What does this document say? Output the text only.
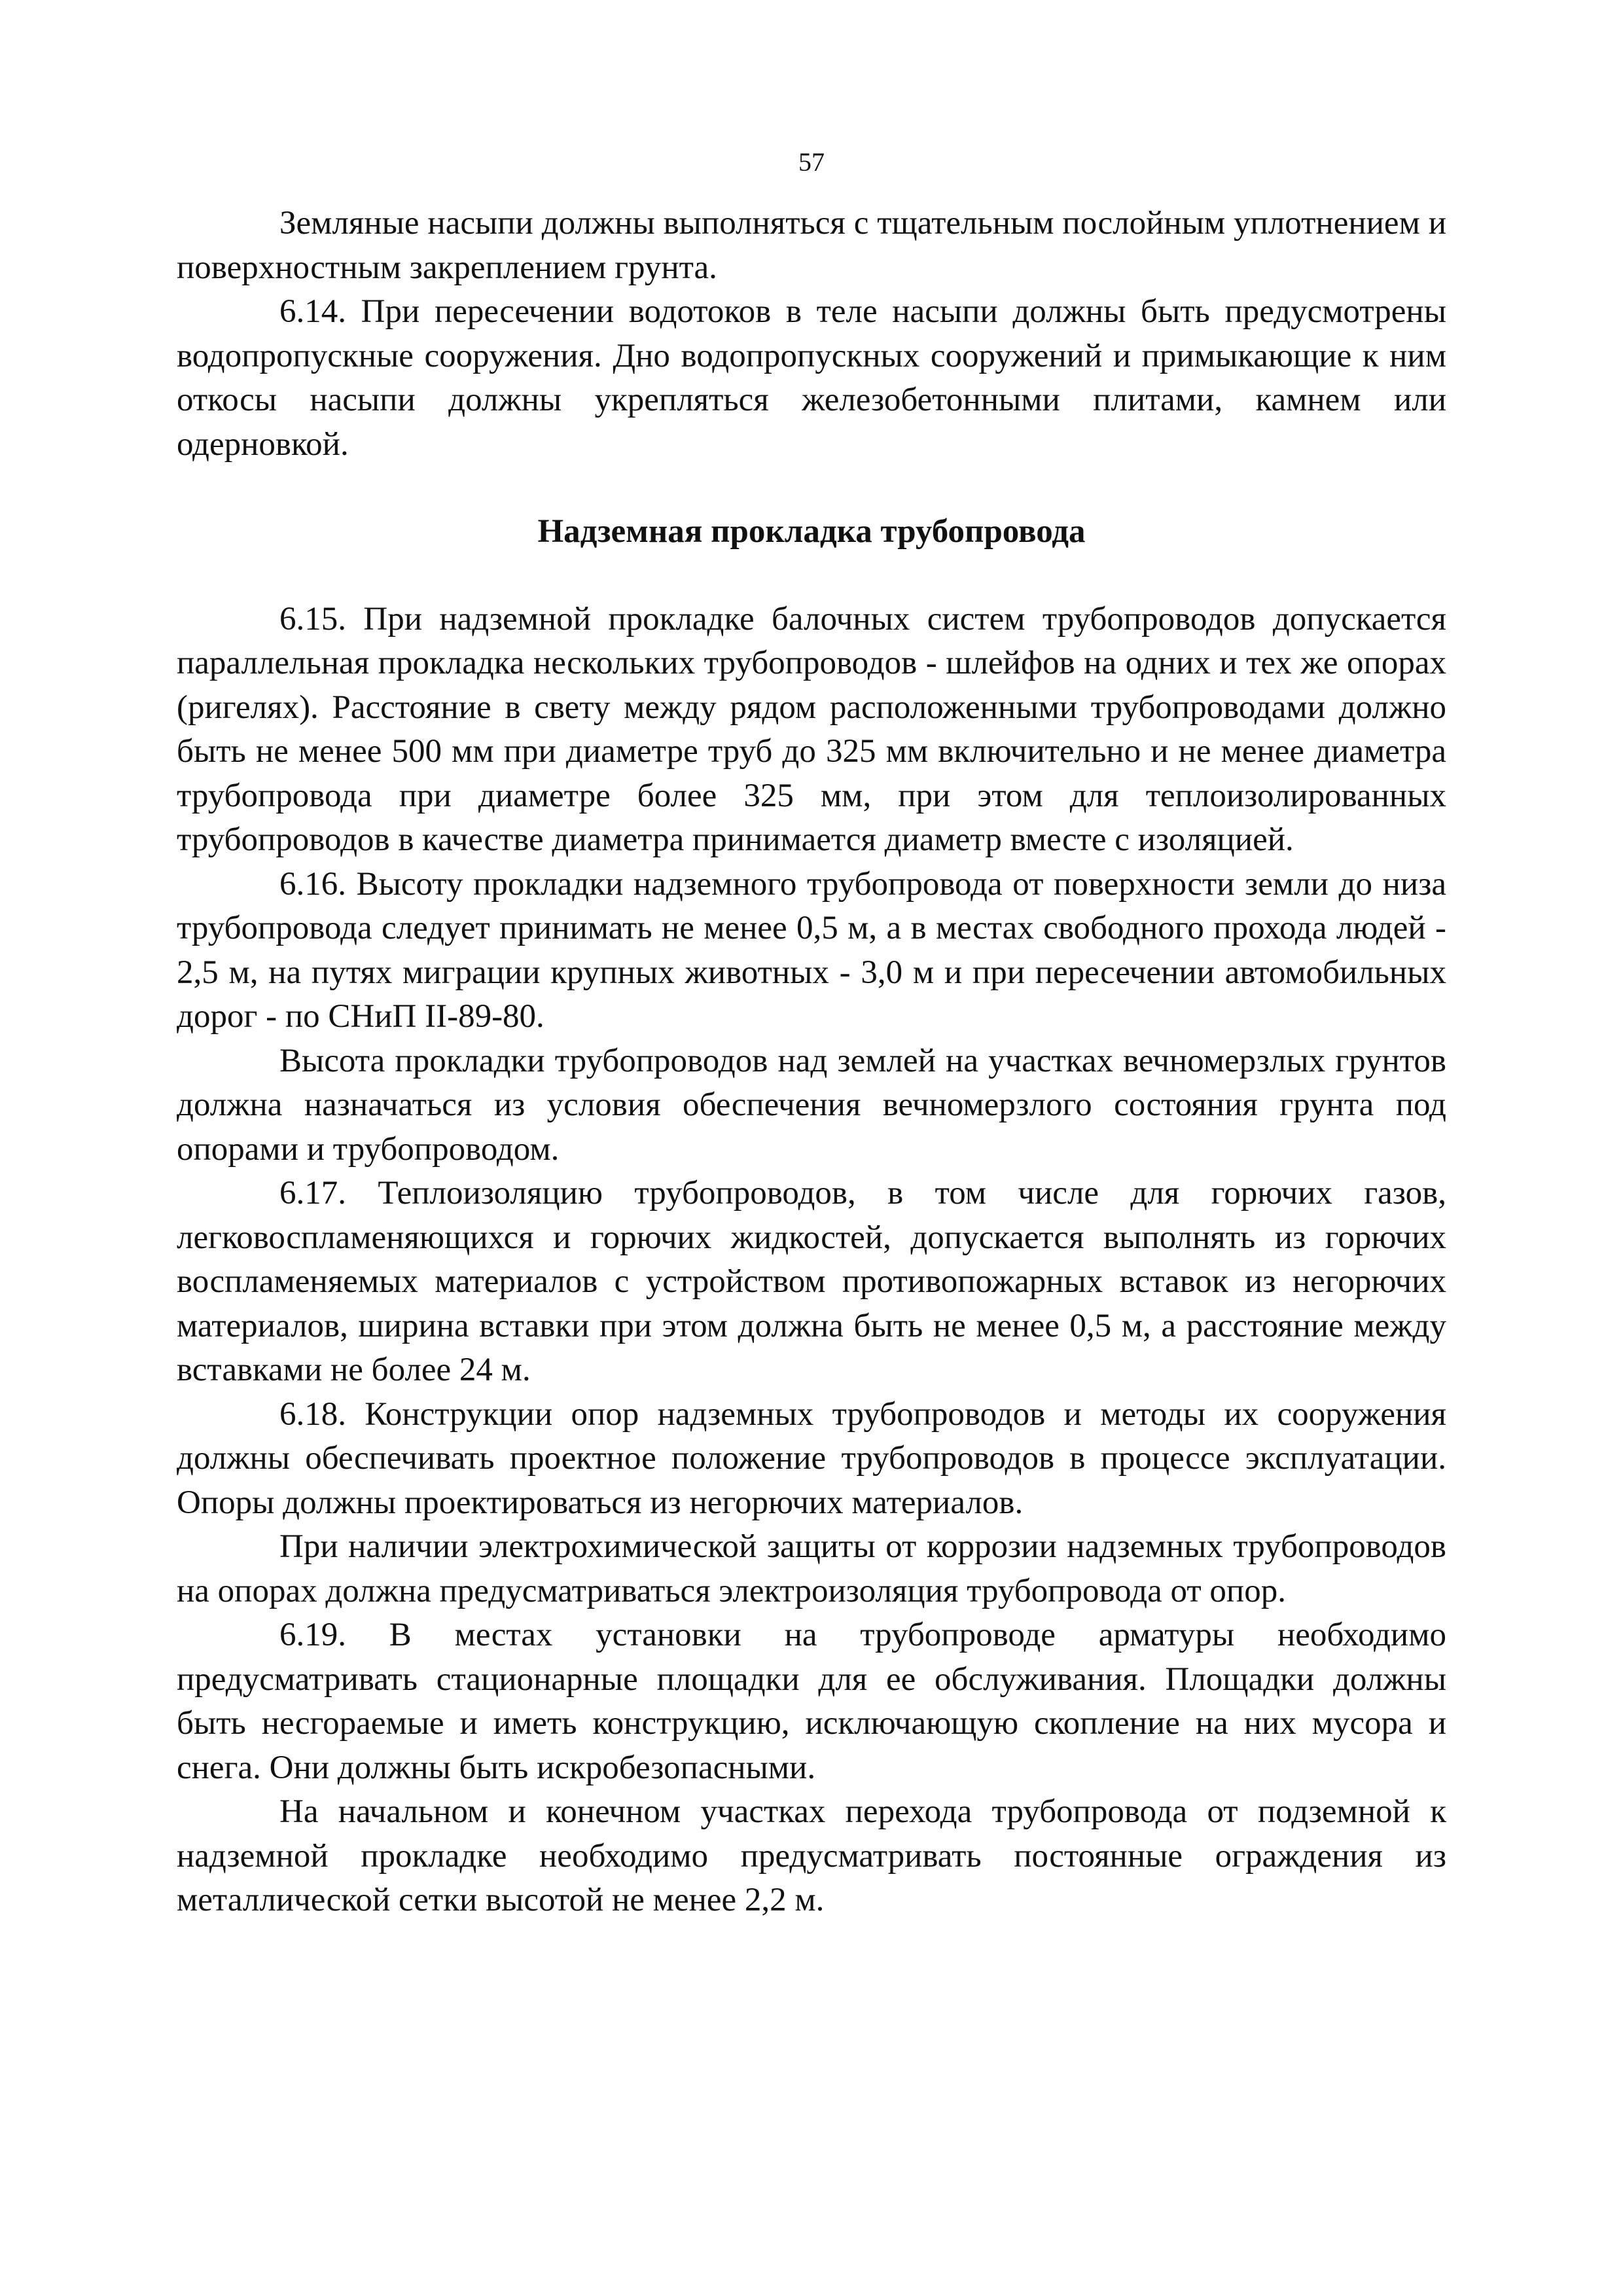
57

Земляные насыпи должны выполняться с тщательным послойным уплотнением и поверхностным закреплением грунта.

6.14. При пересечении водотоков в теле насыпи должны быть предусмотрены водопропускные сооружения. Дно водопропускных сооружений и примыкающие к ним откосы насыпи должны укрепляться железобетонными плитами, камнем или одерновкой.

Надземная прокладка трубопровода

6.15. При надземной прокладке балочных систем трубопроводов допускается параллельная прокладка нескольких трубопроводов - шлейфов на одних и тех же опорах (ригелях). Расстояние в свету между рядом расположенными трубопроводами должно быть не менее 500 мм при диаметре труб до 325 мм включительно и не менее диаметра трубопровода при диаметре более 325 мм, при этом для теплоизолированных трубопроводов в качестве диаметра принимается диаметр вместе с изоляцией.

6.16. Высоту прокладки надземного трубопровода от поверхности земли до низа трубопровода следует принимать не менее 0,5 м, а в местах свободного прохода людей - 2,5 м, на путях миграции крупных животных - 3,0 м и при пересечении автомобильных дорог - по СНиП II-89-80.

Высота прокладки трубопроводов над землей на участках вечномерзлых грунтов должна назначаться из условия обеспечения вечномерзлого состояния грунта под опорами и трубопроводом.

6.17. Теплоизоляцию трубопроводов, в том числе для горючих газов, легковоспламеняющихся и горючих жидкостей, допускается выполнять из горючих воспламеняемых материалов с устройством противопожарных вставок из негорючих материалов, ширина вставки при этом должна быть не менее 0,5 м, а расстояние между вставками не более 24 м.

6.18. Конструкции опор надземных трубопроводов и методы их сооружения должны обеспечивать проектное положение трубопроводов в процессе эксплуатации. Опоры должны проектироваться из негорючих материалов.

При наличии электрохимической защиты от коррозии надземных трубопроводов на опорах должна предусматриваться электроизоляция трубопровода от опор.

6.19. В местах установки на трубопроводе арматуры необходимо предусматривать стационарные площадки для ее обслуживания. Площадки должны быть несгораемые и иметь конструкцию, исключающую скопление на них мусора и снега. Они должны быть искробезопасными.

На начальном и конечном участках перехода трубопровода от подземной к надземной прокладке необходимо предусматривать постоянные ограждения из металлической сетки высотой не менее 2,2 м.
